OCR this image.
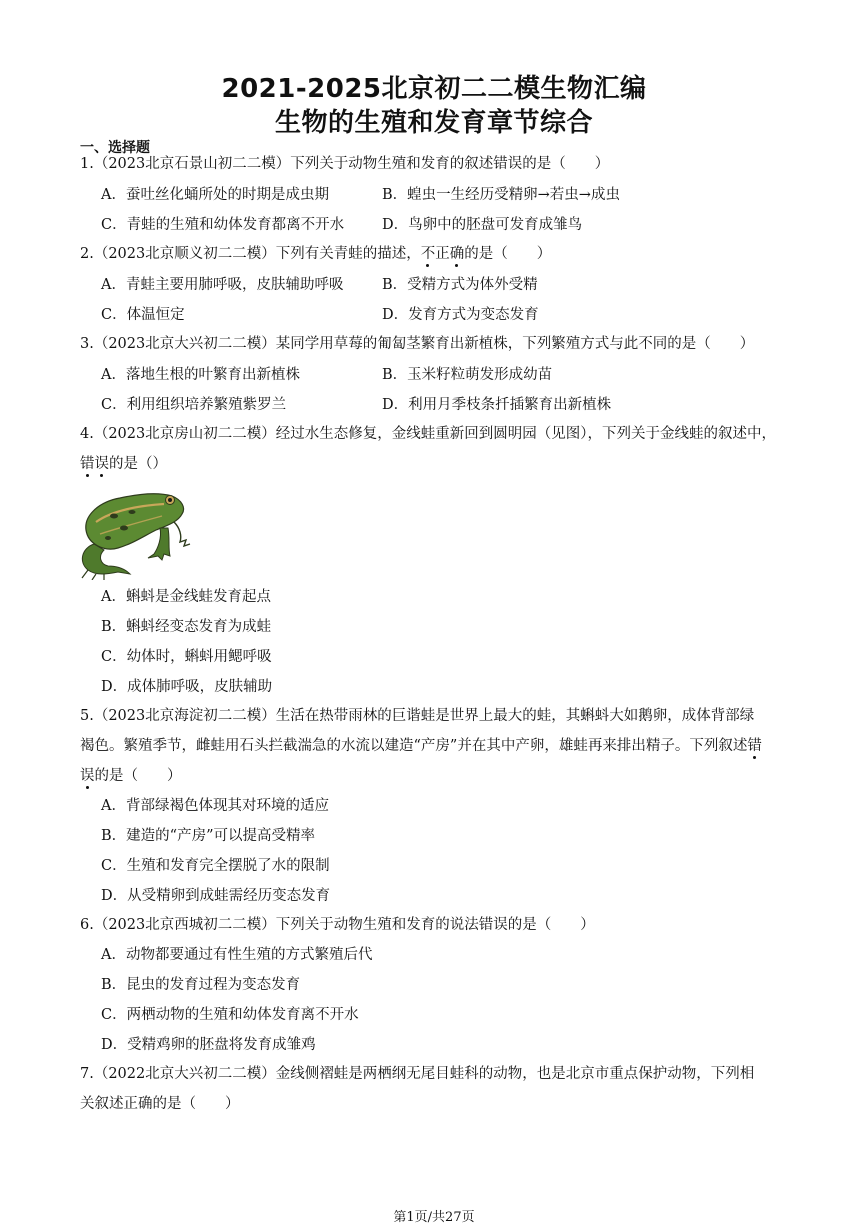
2021-2025北京初二二模生物汇编
生物的生殖和发育章节综合
一、选择题
1.（2023北京石景山初二二模）下列关于动物生殖和发育的叙述错误的是（　　）
A．蚕吐丝化蛹所处的时期是成虫期	B．蝗虫一生经历受精卵→若虫→成虫
C．青蛙的生殖和幼体发育都离不开水	D．鸟卵中的胚盘可发育成雏鸟
2.（2023北京顺义初二二模）下列有关青蛙的描述，不正确的是（　　）
A．青蛙主要用肺呼吸，皮肤辅助呼吸	B．受精方式为体外受精
C．体温恒定	D．发育方式为变态发育
3.（2023北京大兴初二二模）某同学用草莓的匍匐茎繁育出新植株，下列繁殖方式与此不同的是（　　）
A．落地生根的叶繁育出新植株	B．玉米籽粒萌发形成幼苗
C．利用组织培养繁殖紫罗兰	D．利用月季枝条扦插繁育出新植株
4.（2023北京房山初二二模）经过水生态修复，金线蛙重新回到圆明园（见图），下列关于金线蛙的叙述中，
错误的是（）
A．蝌蚪是金线蛙发育起点
B．蝌蚪经变态发育为成蛙
C．幼体时，蝌蚪用鳃呼吸
D．成体肺呼吸，皮肤辅助
5.（2023北京海淀初二二模）生活在热带雨林的巨谐蛙是世界上最大的蛙，其蝌蚪大如鹅卵，成体背部绿
褐色。繁殖季节，雌蛙用石头拦截湍急的水流以建造“产房”并在其中产卵，雄蛙再来排出精子。下列叙述错
误的是（　　）
A．背部绿褐色体现其对环境的适应
B．建造的“产房”可以提高受精率
C．生殖和发育完全摆脱了水的限制
D．从受精卵到成蛙需经历变态发育
6.（2023北京西城初二二模）下列关于动物生殖和发育的说法错误的是（　　）
A．动物都要通过有性生殖的方式繁殖后代
B．昆虫的发育过程为变态发育
C．两栖动物的生殖和幼体发育离不开水
D．受精鸡卵的胚盘将发育成雏鸡
7.（2022北京大兴初二二模）金线侧褶蛙是两栖纲无尾目蛙科的动物，也是北京市重点保护动物，下列相
关叙述正确的是（　　）
第1页/共27页
